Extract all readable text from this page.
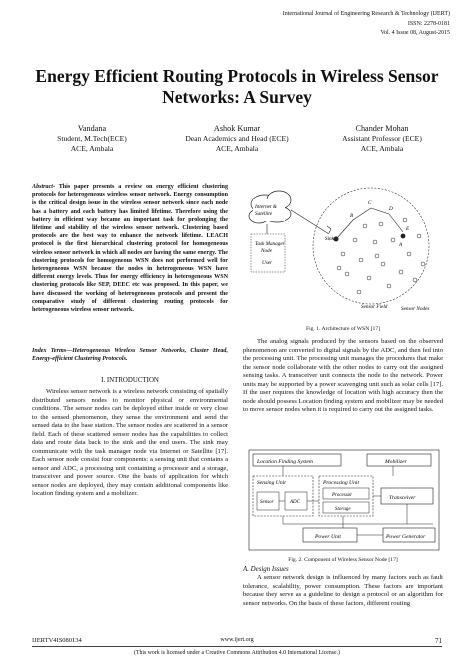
International Journal of Engineering Research & Technology (IJERT)
ISSN: 2278-0181
Vol. 4 Issue 08, August-2015
Energy Efficient Routing Protocols in Wireless Sensor Networks: A Survey
Vandana
Student, M.Tech(ECE)
ACE, Ambala
Ashok Kumar
Dean Academics and Head (ECE)
ACE, Ambala
Chander Mohan
Assistant Professor (ECE)
ACE, Ambala
Abstract- This paper presents a review on energy efficient clustering protocols for heterogeneous wireless sensor network. Energy consumption is the critical design issue in the wireless sensor network since each node has a battery and each battery has limited lifetime. Therefore using the battery in efficient way became an important task for prolonging the lifetime and stability of the wireless sensor network. Clustering based protocols are the best way to enhance the network lifetime. LEACH protocol is the first hierarchical clustering protocol for homogeneous wireless sensor network in which all nodes are having the same energy. The clustering protocols for homogeneous WSN does not performed well for heterogeneous WSN because the nodes in heterogeneous WSN have different energy levels. Thus for energy efficiency in heterogeneous WSN clustering protocols like SEP, DEEC etc was proposed. In this paper, we have discussed the working of heterogeneous protocols and present the comparative study of different clustering routing protocols for heterogeneous wireless sensor network.
Index Terms—Heterogeneous Wireless Sensor Networks, Cluster Head, Energy-efficient Clustering Protocols.
I. INTRODUCTION
Wireless sensor network is a wireless network consisting of spatially distributed sensors nodes to monitor physical or environmental conditions. The sensor nodes can be deployed either inside or very close to the sensed phenomenon, they sense the environment and send the sensed data to the base station. The sensor nodes are scattered in a sensor field. Each of these scattered sensor nodes has the capabilities to collect data and route data back to the sink and the end users. The sink may communicate with the task manager node via Internet or Satellite [17]. Each sensor node consist four components: a sensing unit that contains a sensor and ADC, a processing unit containing a processor and a storage, transceiver and power source. One the basis of application for which sensor nodes are deployed, they may contain additional components like location finding system and a mobilizer.
Internet &
Satellite
Task Manager
Node
User
Sink
B
C
D
E
A
Sensor Field	Sensor Nodes
Fig. 1. Architecture of WSN [17]
The analog signals produced by the sensors based on the observed phenomenon are converted to digital signals by the ADC, and then fed into the processing unit. The processing unit manages the procedures that make the sensor node collaborate with the other nodes to carry out the assigned sensing tasks. A transceiver unit connects the node to the network. Power units may be supported by a power scavenging unit such as solar cells [17]. If the user requires the knowledge of location with high accuracy then the node should possess Location finding system and mobilizer may be needed to move sensor nodes when it is required to carry out the assigned tasks.
Location Finding System	Mobilizer
Sensing Unit
Sensor	ADC
Processing Unit
Processor
Storage
Transceiver
Power Unit	Power Generator
Fig. 2. Component of Wireless Sensor Node [17]
A. Design Issues
A sensor network design is influenced by many factors such as fault tolerance, scalability, power consumption. These factors are important because they serve as a guideline to design a protocol or an algorithm for sensor networks. On the basis of these factors, different routing
IJERTV4IS080134	www.ijert.org	71
(This work is licensed under a Creative Commons Attribution 4.0 International License.)
